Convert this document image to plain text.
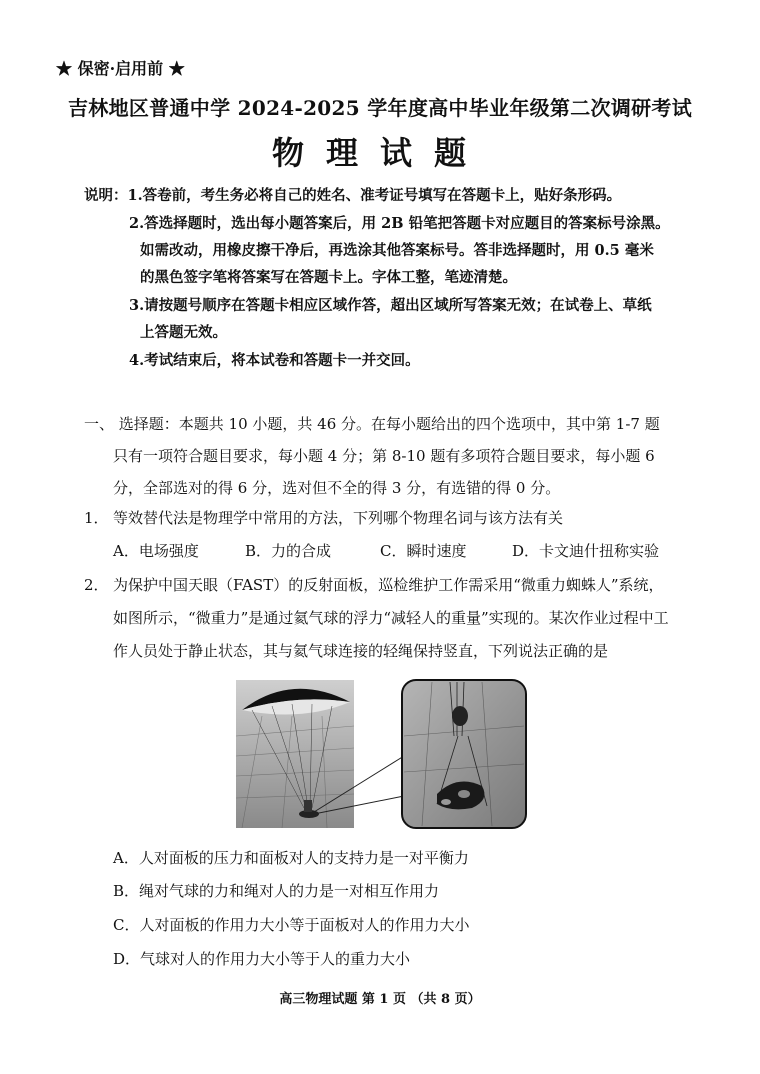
★ 保密·启用前 ★
吉林地区普通中学 2024-2025 学年度高中毕业年级第二次调研考试
物理试题
说明：1.答卷前，考生务必将自己的姓名、准考证号填写在答题卡上，贴好条形码。
2.答选择题时，选出每小题答案后，用 2B 铅笔把答题卡对应题目的答案标号涂黑。
如需改动，用橡皮擦干净后，再选涂其他答案标号。答非选择题时，用 0.5 毫米
的黑色签字笔将答案写在答题卡上。字体工整，笔迹清楚。
3.请按题号顺序在答题卡相应区域作答，超出区域所写答案无效；在试卷上、草纸
上答题无效。
4.考试结束后，将本试卷和答题卡一并交回。
一、 选择题：本题共 10 小题，共 46 分。在每小题给出的四个选项中，其中第 1-7 题
只有一项符合题目要求，每小题 4 分；第 8-10 题有多项符合题目要求，每小题 6
分，全部选对的得 6 分，选对但不全的得 3 分，有选错的得 0 分。
1． 等效替代法是物理学中常用的方法，下列哪个物理名词与该方法有关
A．电场强度	B．力的合成	C．瞬时速度	D．卡文迪什扭称实验
2． 为保护中国天眼（FAST）的反射面板，巡检维护工作需采用“微重力蜘蛛人”系统，
如图所示，“微重力”是通过氦气球的浮力“减轻人的重量”实现的。某次作业过程中工
作人员处于静止状态，其与氦气球连接的轻绳保持竖直，下列说法正确的是
A．人对面板的压力和面板对人的支持力是一对平衡力
B．绳对气球的力和绳对人的力是一对相互作用力
C．人对面板的作用力大小等于面板对人的作用力大小
D．气球对人的作用力大小等于人的重力大小
高三物理试题 第 1 页 （共 8 页）
